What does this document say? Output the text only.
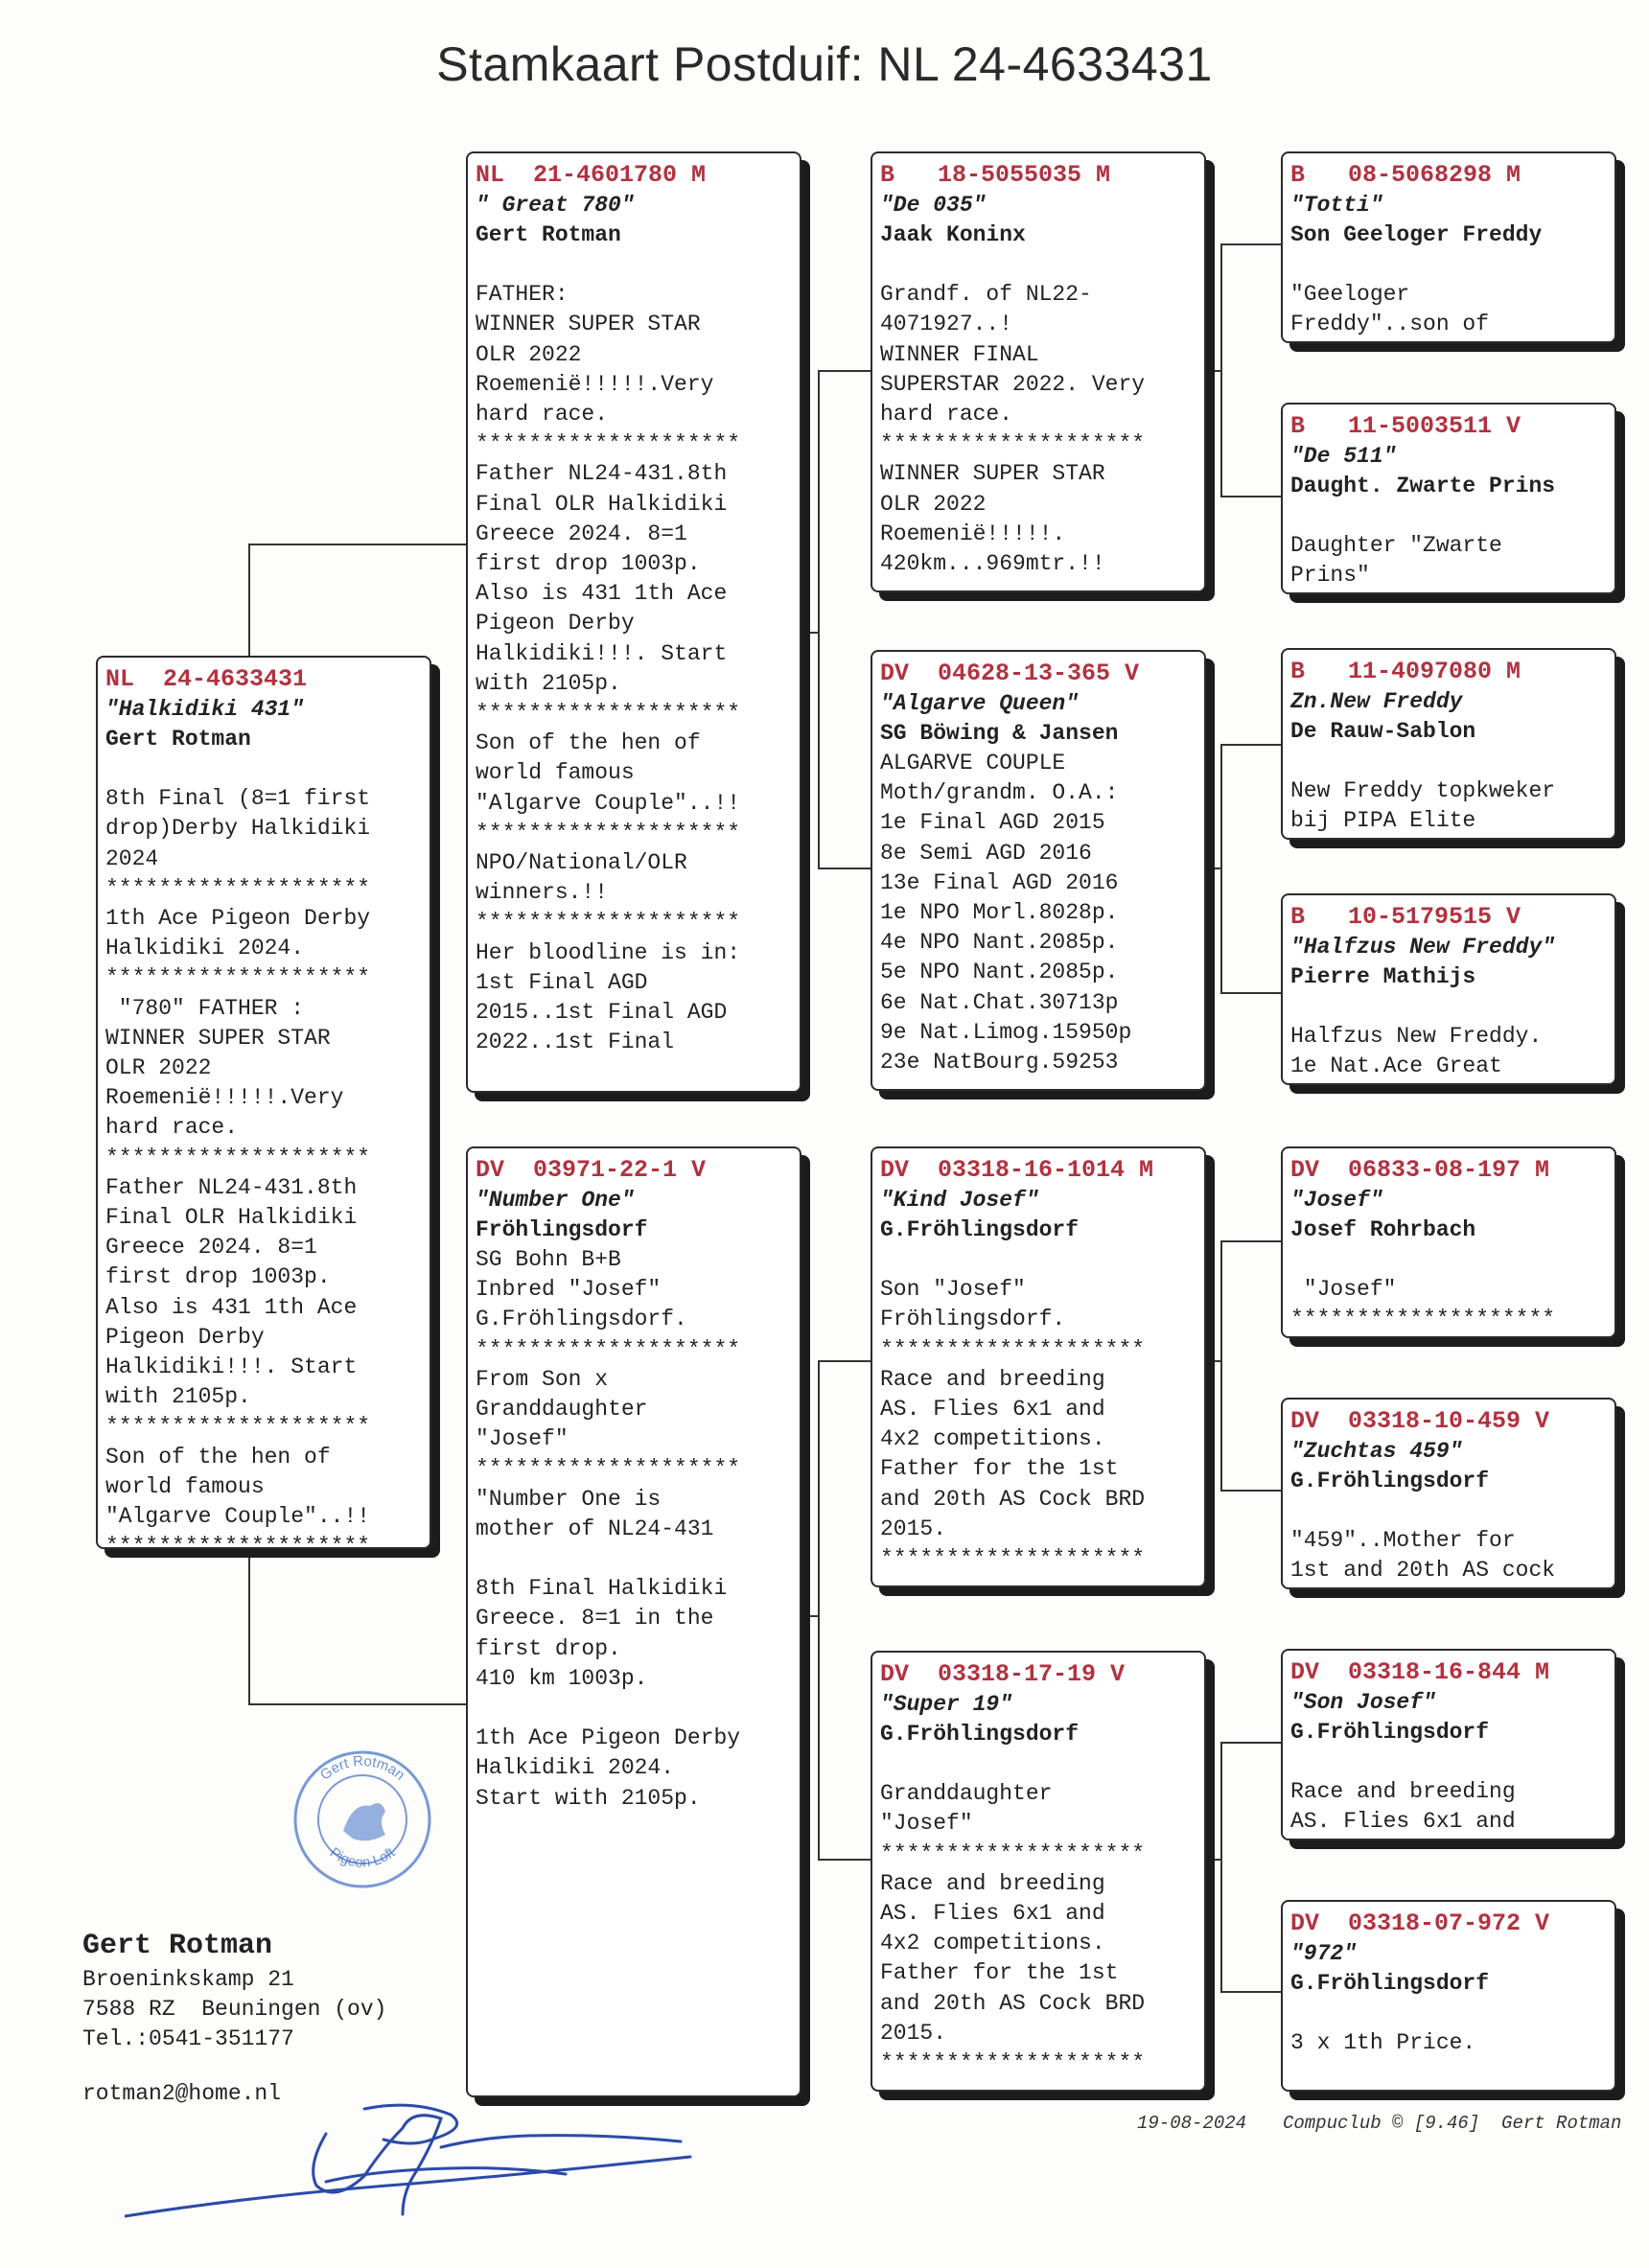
Stamkaart Postduif: NL 24-4633431
NL  24-4633431
"Halkidiki 431"
Gert Rotman
8th Final (8=1 first
drop)Derby Halkidiki
2024
********************
1th Ace Pigeon Derby
Halkidiki 2024.
********************
"780" FATHER :
WINNER SUPER STAR
OLR 2022
Roemenië!!!!!.Very
hard race.
********************
Father NL24-431.8th
Final OLR Halkidiki
Greece 2024. 8=1
first drop 1003p.
Also is 431 1th Ace
Pigeon Derby
Halkidiki!!!. Start
with 2105p.
********************
Son of the hen of
world famous
"Algarve Couple"..!!
********************
NL  21-4601780 M
" Great 780"
Gert Rotman
FATHER:
WINNER SUPER STAR
OLR 2022
Roemenië!!!!!.Very
hard race.
********************
Father NL24-431.8th
Final OLR Halkidiki
Greece 2024. 8=1
first drop 1003p.
Also is 431 1th Ace
Pigeon Derby
Halkidiki!!!. Start
with 2105p.
********************
Son of the hen of
world famous
"Algarve Couple"..!!
********************
NPO/National/OLR
winners.!!
********************
Her bloodline is in:
1st Final AGD
2015..1st Final AGD
2022..1st Final
DV  03971-22-1 V
"Number One"
Fröhlingsdorf
SG Bohn B+B
Inbred "Josef"
G.Fröhlingsdorf.
********************
From Son x
Granddaughter
"Josef"
********************
"Number One is
mother of NL24-431
8th Final Halkidiki
Greece. 8=1 in the
first drop.
410 km 1003p.
1th Ace Pigeon Derby
Halkidiki 2024.
Start with 2105p.
B   18-5055035 M
"De 035"
Jaak Koninx
Grandf. of NL22-
4071927..!
WINNER FINAL
SUPERSTAR 2022. Very
hard race.
********************
WINNER SUPER STAR
OLR 2022
Roemenië!!!!!.
420km...969mtr.!!
DV  04628-13-365 V
"Algarve Queen"
SG Böwing & Jansen
ALGARVE COUPLE
Moth/grandm. O.A.:
1e Final AGD 2015
8e Semi AGD 2016
13e Final AGD 2016
1e NPO Morl.8028p.
4e NPO Nant.2085p.
5e NPO Nant.2085p.
6e Nat.Chat.30713p
9e Nat.Limog.15950p
23e NatBourg.59253
DV  03318-16-1014 M
"Kind Josef"
G.Fröhlingsdorf
Son "Josef"
Fröhlingsdorf.
********************
Race and breeding
AS. Flies 6x1 and
4x2 competitions.
Father for the 1st
and 20th AS Cock BRD
2015.
********************
DV  03318-17-19 V
"Super 19"
G.Fröhlingsdorf
Granddaughter
"Josef"
********************
Race and breeding
AS. Flies 6x1 and
4x2 competitions.
Father for the 1st
and 20th AS Cock BRD
2015.
********************
B   08-5068298 M
"Totti"
Son Geeloger Freddy
"Geeloger
Freddy"..son of
B   11-5003511 V
"De 511"
Daught. Zwarte Prins
Daughter "Zwarte
Prins"
B   11-4097080 M
Zn.New Freddy
De Rauw-Sablon
New Freddy topkweker
bij PIPA Elite
B   10-5179515 V
"Halfzus New Freddy"
Pierre Mathijs
Halfzus New Freddy.
1e Nat.Ace Great
DV  06833-08-197 M
"Josef"
Josef Rohrbach
"Josef"
********************
DV  03318-10-459 V
"Zuchtas 459"
G.Fröhlingsdorf
"459"..Mother for
1st and 20th AS cock
DV  03318-16-844 M
"Son Josef"
G.Fröhlingsdorf
Race and breeding
AS. Flies 6x1 and
DV  03318-07-972 V
"972"
G.Fröhlingsdorf
3 x 1th Price.
Gert Rotman
Pigeon Loft
Gert Rotman
Broeninkskamp 21
7588 RZ  Beuningen (ov)
Tel.:0541-351177
rotman2@home.nl
19-08-2024 Compuclub © [9.46]  Gert Rotman
